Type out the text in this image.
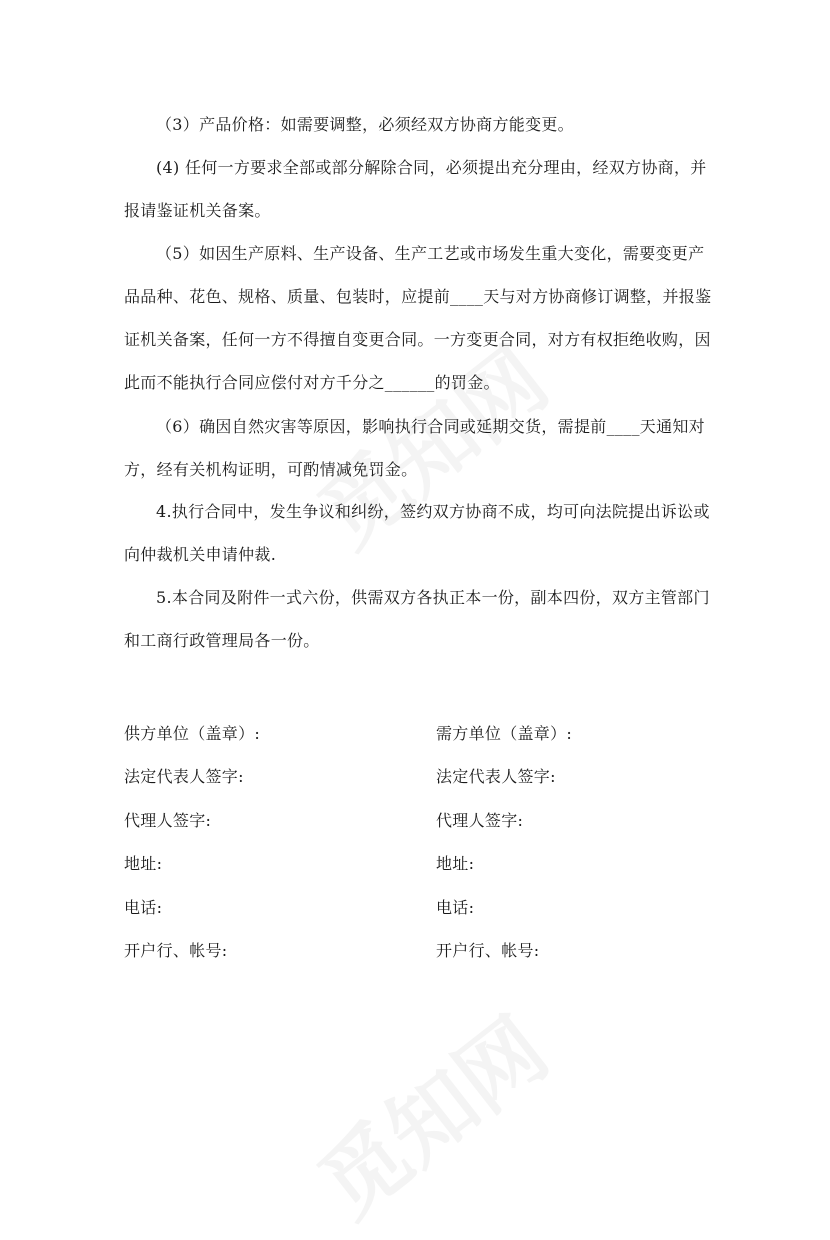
（3）产品价格：如需要调整，必须经双方协商方能变更。

(4) 任何一方要求全部或部分解除合同，必须提出充分理由，经双方协商，并报请鉴证机关备案。

（5）如因生产原料、生产设备、生产工艺或市场发生重大变化，需要变更产品品种、花色、规格、质量、包装时，应提前____天与对方协商修订调整，并报鉴证机关备案，任何一方不得擅自变更合同。一方变更合同，对方有权拒绝收购，因此而不能执行合同应偿付对方千分之______的罚金。

（6）确因自然灾害等原因，影响执行合同或延期交货，需提前____天通知对方，经有关机构证明，可酌情减免罚金。

4.执行合同中，发生争议和纠纷，签约双方协商不成，均可向法院提出诉讼或向仲裁机关申请仲裁.

5.本合同及附件一式六份，供需双方各执正本一份，副本四份，双方主管部门和工商行政管理局各一份。

供方单位（盖章）:

法定代表人签字:

代理人签字:

地址:

电话:

开户行、帐号:

需方单位（盖章）:

法定代表人签字:

代理人签字:

地址:

电话:

开户行、帐号:
